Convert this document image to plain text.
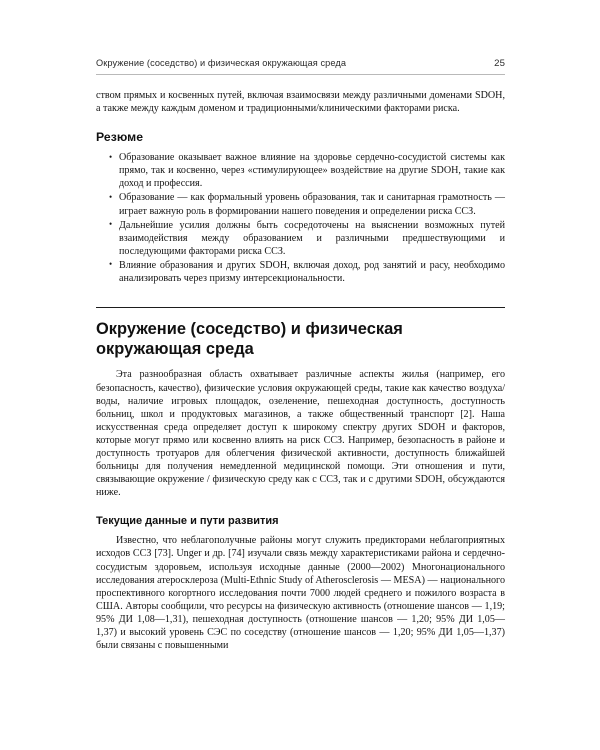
Окружение (соседство) и физическая окружающая среда	25

ством прямых и косвенных путей, включая взаимосвязи между различными доменами SDOH, а также между каждым доменом и традиционными/клиническими факторами риска.

Резюме
• Образование оказывает важное влияние на здоровье сердечно-сосудистой системы как прямо, так и косвенно, через «стимулирующее» воздействие на другие SDOH, такие как доход и профессия.
• Образование — как формальный уровень образования, так и санитарная грамотность — играет важную роль в формировании нашего поведения и определении риска ССЗ.
• Дальнейшие усилия должны быть сосредоточены на выяснении возможных путей взаимодействия между образованием и различными предшествующими и последующими факторами риска ССЗ.
• Влияние образования и других SDOH, включая доход, род занятий и расу, необходимо анализировать через призму интерсекциональности.
Окружение (соседство) и физическая
окружающая среда

Эта разнообразная область охватывает различные аспекты жилья (например, его безопасность, качество), физические условия окружающей среды, такие как качество воздуха/воды, наличие игровых площадок, озеленение, пешеходная доступность, доступность больниц, школ и продуктовых магазинов, а также общественный транспорт [2]. Наша искусственная среда определяет доступ к широкому спектру других SDOH и факторов, которые могут прямо или косвенно влиять на риск ССЗ. Например, безопасность в районе и доступность тротуаров для облегчения физической активности, доступность ближайшей больницы для получения немедленной медицинской помощи. Эти отношения и пути, связывающие окружение / физическую среду как с ССЗ, так и с другими SDOH, обсуждаются ниже.

Текущие данные и пути развития

Известно, что неблагополучные районы могут служить предикторами неблагоприятных исходов ССЗ [73]. Unger и др. [74] изучали связь между характеристиками района и сердечно-сосудистым здоровьем, используя исходные данные (2000—2002) Многонационального исследования атеросклероза (Multi-Ethnic Study of Atherosclerosis — MESA) — национального проспективного когортного исследования почти 7000 людей среднего и пожилого возраста в США. Авторы сообщили, что ресурсы на физическую активность (отношение шансов — 1,19; 95% ДИ 1,08—1,31), пешеходная доступность (отношение шансов — 1,20; 95% ДИ 1,05—1,37) и высокий уровень СЭС по соседству (отношение шансов — 1,20; 95% ДИ 1,05—1,37) были связаны с повышенными
